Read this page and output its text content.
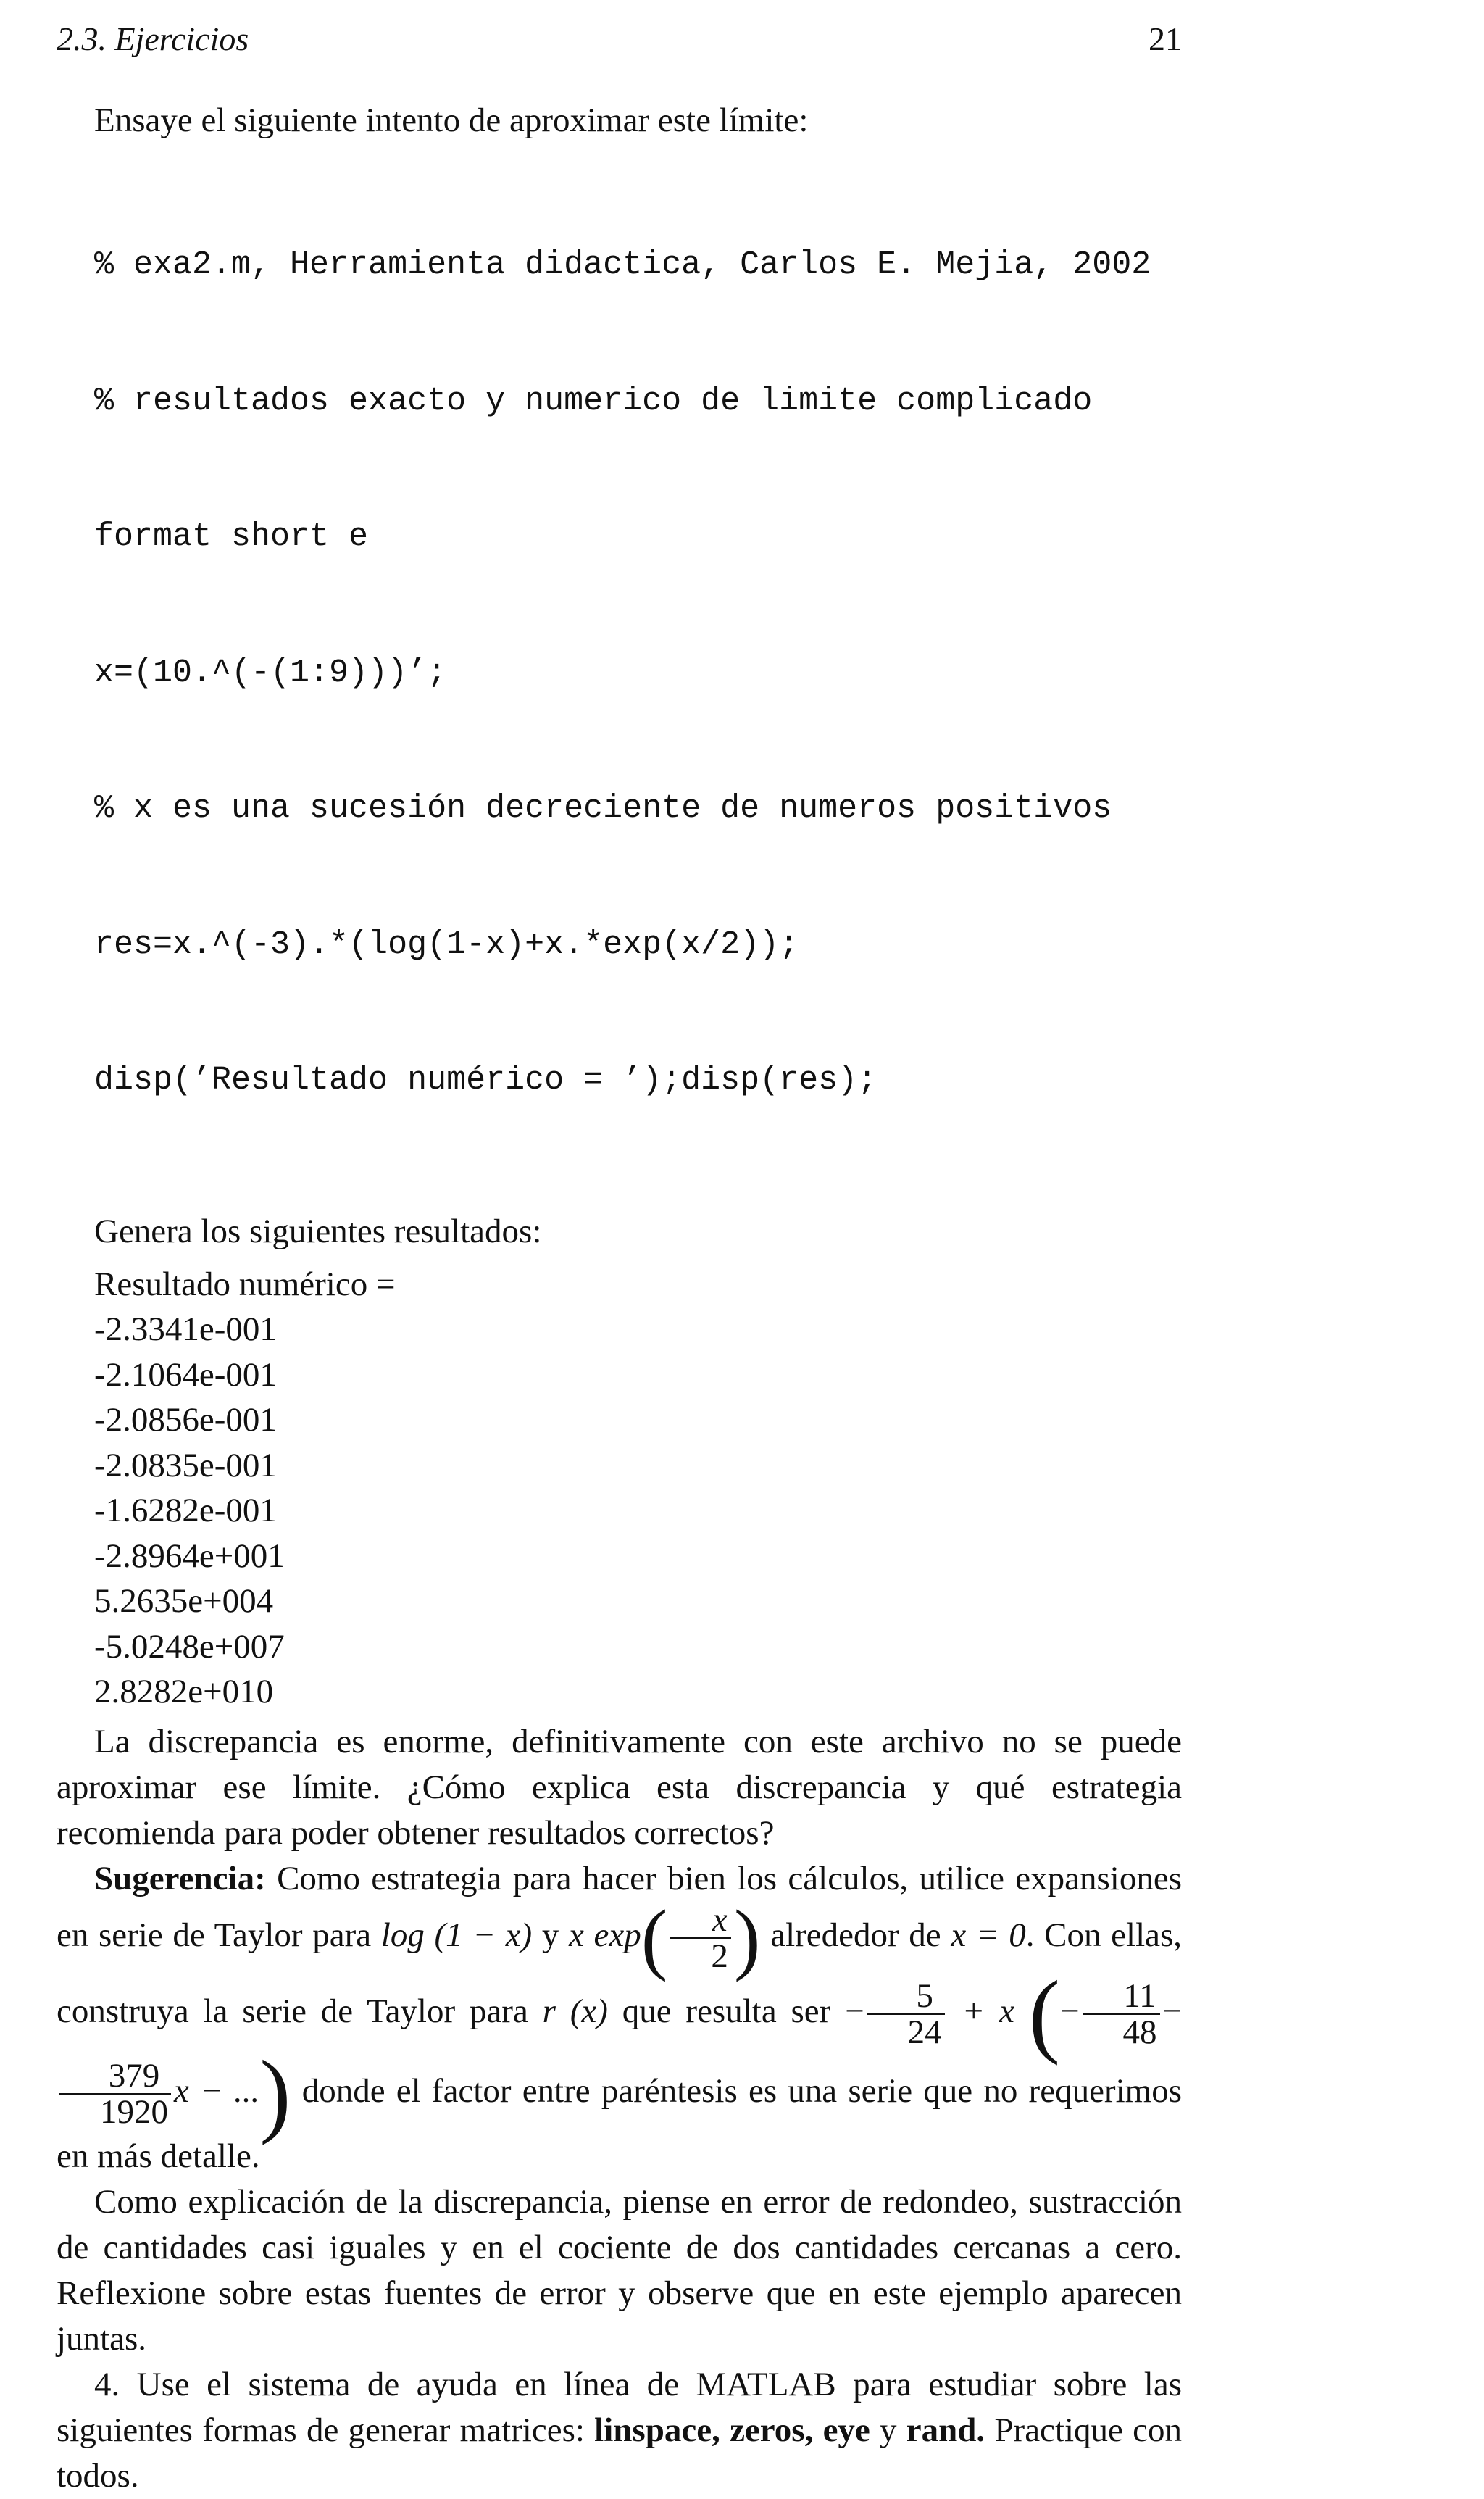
2.3. Ejercicios	21

Ensaye el siguiente intento de aproximar este límite:

% exa2.m, Herramienta didactica, Carlos E. Mejia, 2002

% resultados exacto y numerico de limite complicado

format short e

x=(10.^(-(1:9)))’;

% x es una sucesión decreciente de numeros positivos

res=x.^(-3).*(log(1-x)+x.*exp(x/2));

disp(’Resultado numérico = ’);disp(res);

Genera los siguientes resultados:

Resultado numérico =
-2.3341e-001
-2.1064e-001
-2.0856e-001
-2.0835e-001
-1.6282e-001
-2.8964e+001
5.2635e+004
-5.0248e+007
2.8282e+010

La discrepancia es enorme, definitivamente con este archivo no se puede aproximar ese límite. ¿Cómo explica esta discrepancia y qué estrategia recomienda para poder obtener resultados correctos?

Sugerencia: Como estrategia para hacer bien los cálculos, utilice expansiones en serie de Taylor para log (1 − x) y x $\exp( \frac{x}{2}$ ) alrededor de x = 0. Con ellas, construya la serie de Taylor para r (x) que resulta ser − $\frac{5}{24} + x$ (− $\frac{11}{48}$ −
$\frac{379}{1920}$ x − ...) donde el factor entre paréntesis es una serie que no requerimos en más detalle.

Como explicación de la discrepancia, piense en error de redondeo, sustracción de cantidades casi iguales y en el cociente de dos cantidades cercanas a cero. Reflexione sobre estas fuentes de error y observe que en este ejemplo aparecen juntas.

4. Use el sistema de ayuda en línea de MATLAB para estudiar sobre las siguientes formas de generar matrices: linspace, zeros, eye y rand. Practique con todos.
